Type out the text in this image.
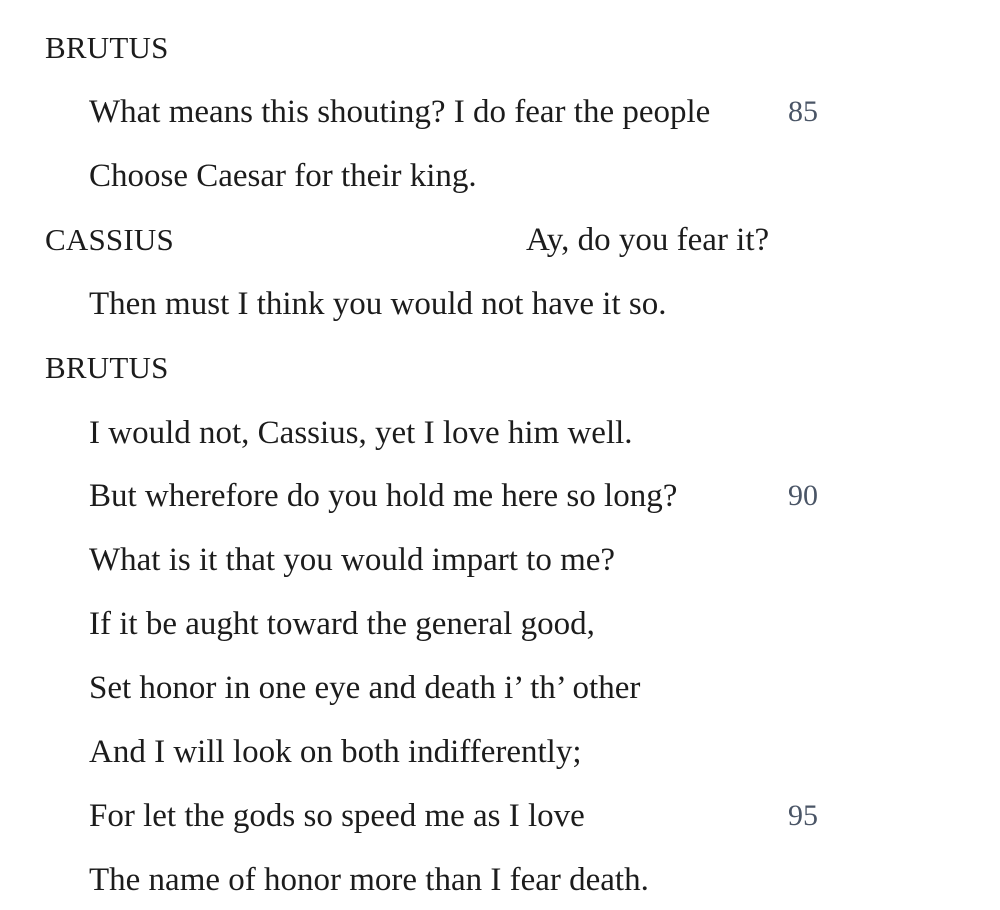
BRUTUS
What means this shouting? I do fear the people	85
Choose Caesar for their king.
CASSIUS	Ay, do you fear it?
Then must I think you would not have it so.
BRUTUS
I would not, Cassius, yet I love him well.
But wherefore do you hold me here so long?	90
What is it that you would impart to me?
If it be aught toward the general good,
Set honor in one eye and death i’ th’ other
And I will look on both indifferently;
For let the gods so speed me as I love	95
The name of honor more than I fear death.
